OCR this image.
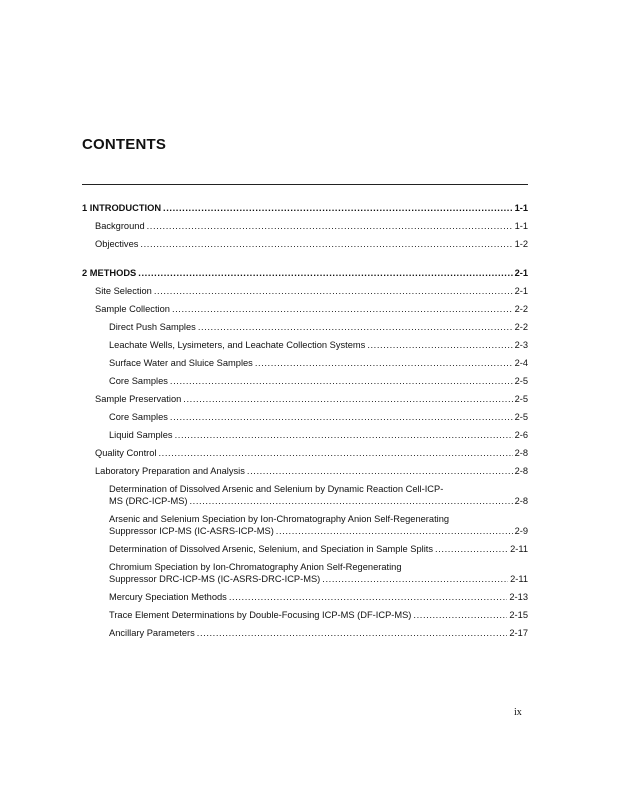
CONTENTS
1 INTRODUCTION .....	1-1
Background .....	1-1
Objectives .....	1-2
2 METHODS .....	2-1
Site Selection .....	2-1
Sample Collection .....	2-2
Direct Push Samples .....	2-2
Leachate Wells, Lysimeters, and Leachate Collection Systems .....	2-3
Surface Water and Sluice Samples .....	2-4
Core Samples .....	2-5
Sample Preservation .....	2-5
Core Samples .....	2-5
Liquid Samples .....	2-6
Quality Control .....	2-8
Laboratory Preparation and Analysis .....	2-8
Determination of Dissolved Arsenic and Selenium by Dynamic Reaction Cell-ICP-
MS (DRC-ICP-MS) .....	2-8
Arsenic and Selenium Speciation by Ion-Chromatography Anion Self-Regenerating
Suppressor ICP-MS (IC-ASRS-ICP-MS) .....	2-9
Determination of Dissolved Arsenic, Selenium, and Speciation in Sample Splits .....	2-11
Chromium Speciation by Ion-Chromatography Anion Self-Regenerating
Suppressor DRC-ICP-MS (IC-ASRS-DRC-ICP-MS) .....	2-11
Mercury Speciation Methods .....	2-13
Trace Element Determinations by Double-Focusing ICP-MS (DF-ICP-MS) .....	2-15
Ancillary Parameters .....	2-17
ix
